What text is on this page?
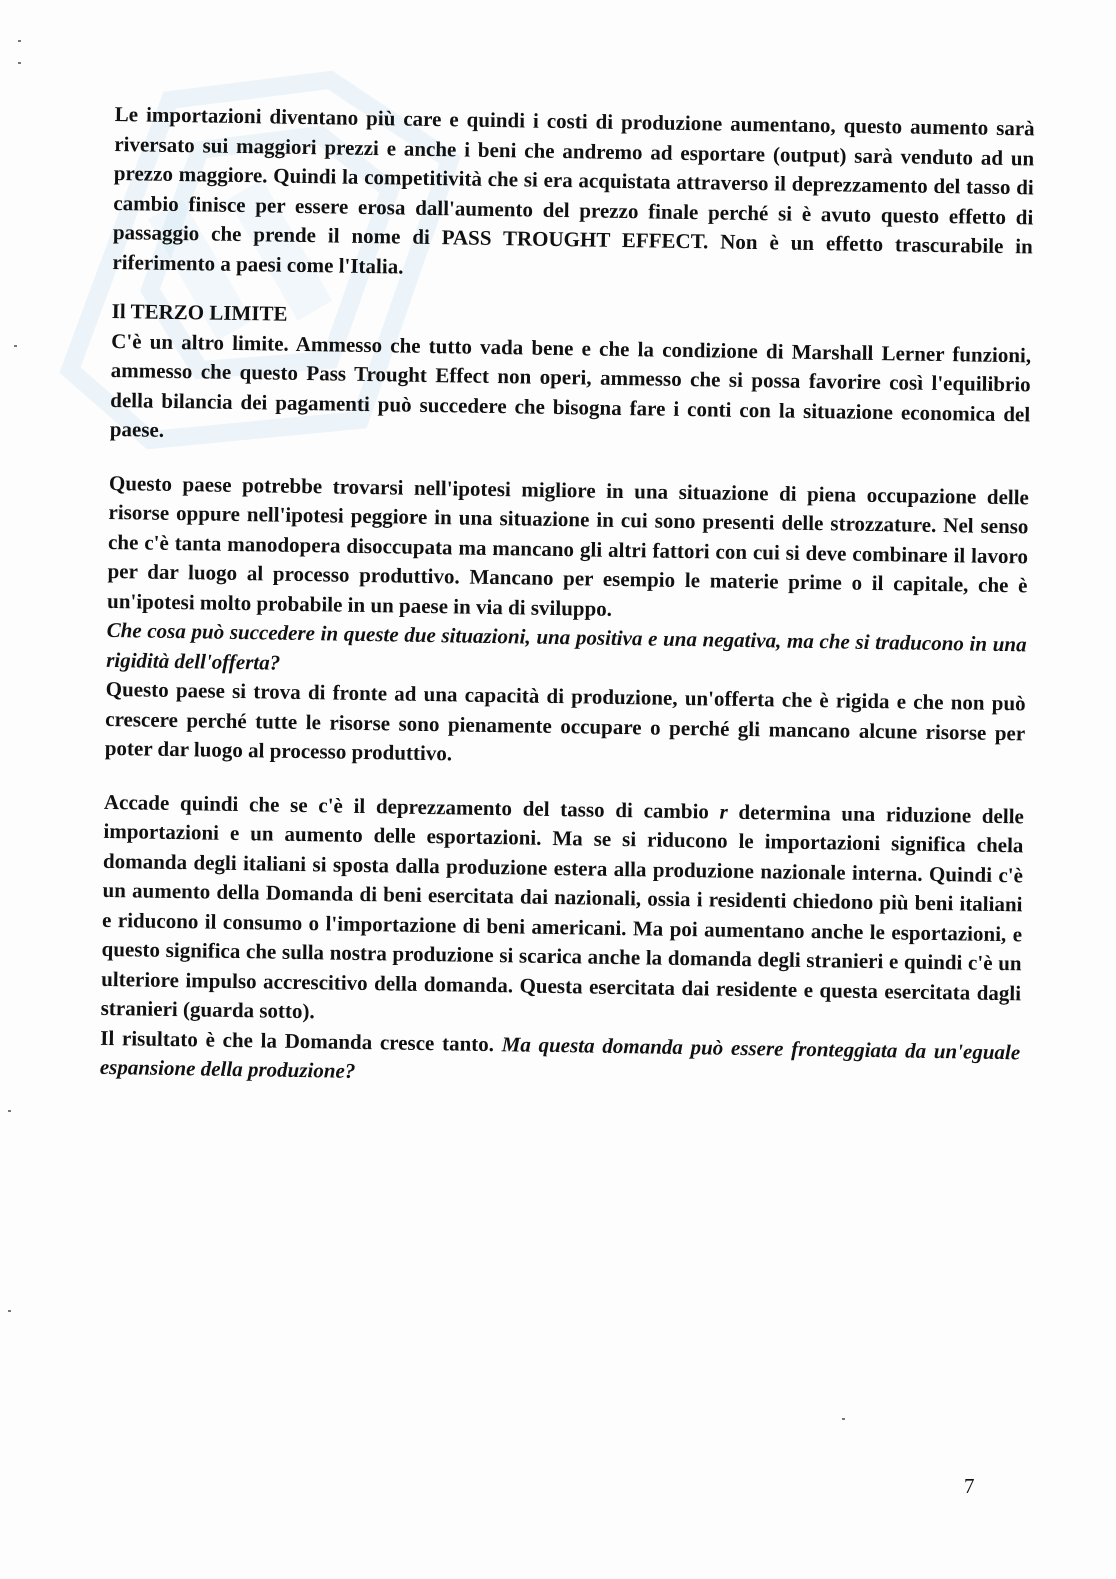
Le importazioni diventano più care e quindi i costi di produzione aumentano, questo aumento sarà riversato sui maggiori prezzi e anche i beni che andremo ad esportare (output) sarà venduto ad un prezzo maggiore. Quindi la competitività che si era acquistata attraverso il deprezzamento del tasso di cambio finisce per essere erosa dall'aumento del prezzo finale perché si è avuto questo effetto di passaggio che prende il nome di PASS TROUGHT EFFECT. Non è un effetto trascurabile in riferimento a paesi come l'Italia.

Il TERZO LIMITE

C'è un altro limite. Ammesso che tutto vada bene e che la condizione di Marshall Lerner funzioni, ammesso che questo Pass Trought Effect non operi, ammesso che si possa favorire così l'equilibrio della bilancia dei pagamenti può succedere che bisogna fare i conti con la situazione economica del paese.

Questo paese potrebbe trovarsi nell'ipotesi migliore in una situazione di piena occupazione delle risorse oppure nell'ipotesi peggiore in una situazione in cui sono presenti delle strozzature. Nel senso che c'è tanta manodopera disoccupata ma mancano gli altri fattori con cui si deve combinare il lavoro per dar luogo al processo produttivo. Mancano per esempio le materie prime o il capitale, che è un'ipotesi molto probabile in un paese in via di sviluppo.

Che cosa può succedere in queste due situazioni, una positiva e una negativa, ma che si traducono in una rigidità dell'offerta?

Questo paese si trova di fronte ad una capacità di produzione, un'offerta che è rigida e che non può crescere perché tutte le risorse sono pienamente occupare o perché gli mancano alcune risorse per poter dar luogo al processo produttivo.

Accade quindi che se c'è il deprezzamento del tasso di cambio r determina una riduzione delle importazioni e un aumento delle esportazioni. Ma se si riducono le importazioni significa chela domanda degli italiani si sposta dalla produzione estera alla produzione nazionale interna. Quindi c'è un aumento della Domanda di beni esercitata dai nazionali, ossia i residenti chiedono più beni italiani e riducono il consumo o l'importazione di beni americani. Ma poi aumentano anche le esportazioni, e questo significa che sulla nostra produzione si scarica anche la domanda degli stranieri e quindi c'è un ulteriore impulso accrescitivo della domanda. Questa esercitata dai residente e questa esercitata dagli stranieri (guarda sotto).

Il risultato è che la Domanda cresce tanto. Ma questa domanda può essere fronteggiata da un'eguale espansione della produzione?

7
